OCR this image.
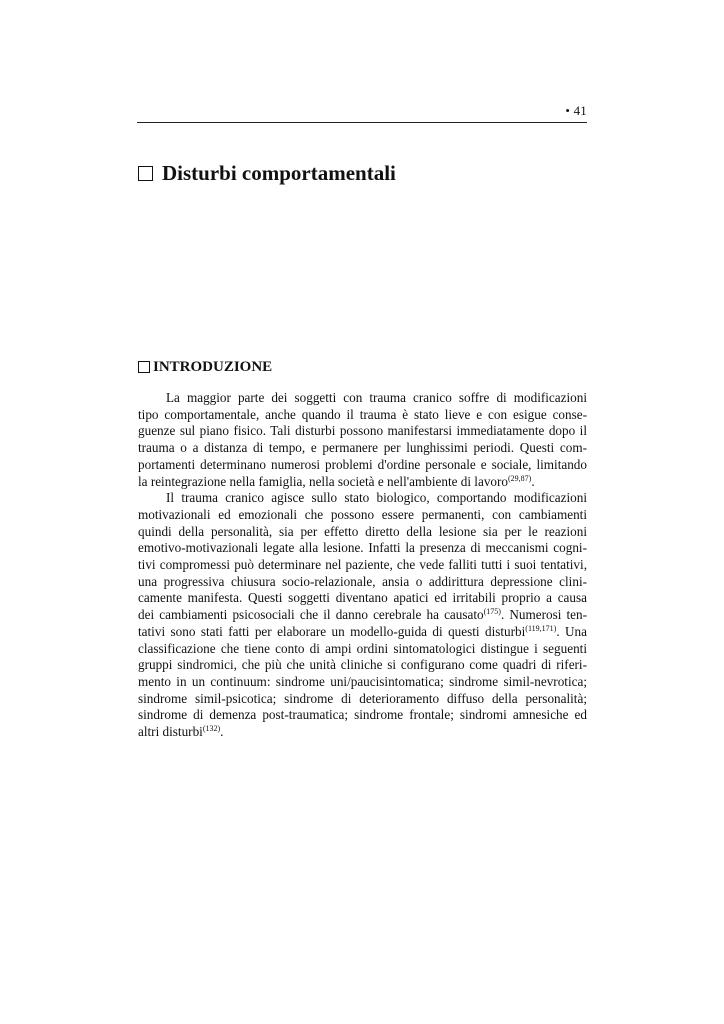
• 41
Disturbi comportamentali
INTRODUZIONE
La maggior parte dei soggetti con trauma cranico soffre di modificazioni
tipo comportamentale, anche quando il trauma è stato lieve e con esigue conse-
guenze sul piano fisico. Tali disturbi possono manifestarsi immediatamente dopo il
trauma o a distanza di tempo, e permanere per lunghissimi periodi. Questi com-
portamenti determinano numerosi problemi d'ordine personale e sociale, limitando
la reintegrazione nella famiglia, nella società e nell'ambiente di lavoro$^{(29,87)}$.
Il trauma cranico agisce sullo stato biologico, comportando modificazioni
motivazionali ed emozionali che possono essere permanenti, con cambiamenti
quindi della personalità, sia per effetto diretto della lesione sia per le reazioni
emotivo-motivazionali legate alla lesione. Infatti la presenza di meccanismi cogni-
tivi compromessi può determinare nel paziente, che vede falliti tutti i suoi tentativi,
una progressiva chiusura socio-relazionale, ansia o addirittura depressione clini-
camente manifesta. Questi soggetti diventano apatici ed irritabili proprio a causa
dei cambiamenti psicosociali che il danno cerebrale ha causato$^{(175)}$. Numerosi ten-
tativi sono stati fatti per elaborare un modello-guida di questi disturbi$^{(119,171)}$. Una
classificazione che tiene conto di ampi ordini sintomatologici distingue i seguenti
gruppi sindromici, che più che unità cliniche si configurano come quadri di riferi-
mento in un continuum: sindrome uni/paucisintomatica; sindrome simil-nevrotica;
sindrome simil-psicotica; sindrome di deterioramento diffuso della personalità;
sindrome di demenza post-traumatica; sindrome frontale; sindromi amnesiche ed
altri disturbi$^{(132)}$.
